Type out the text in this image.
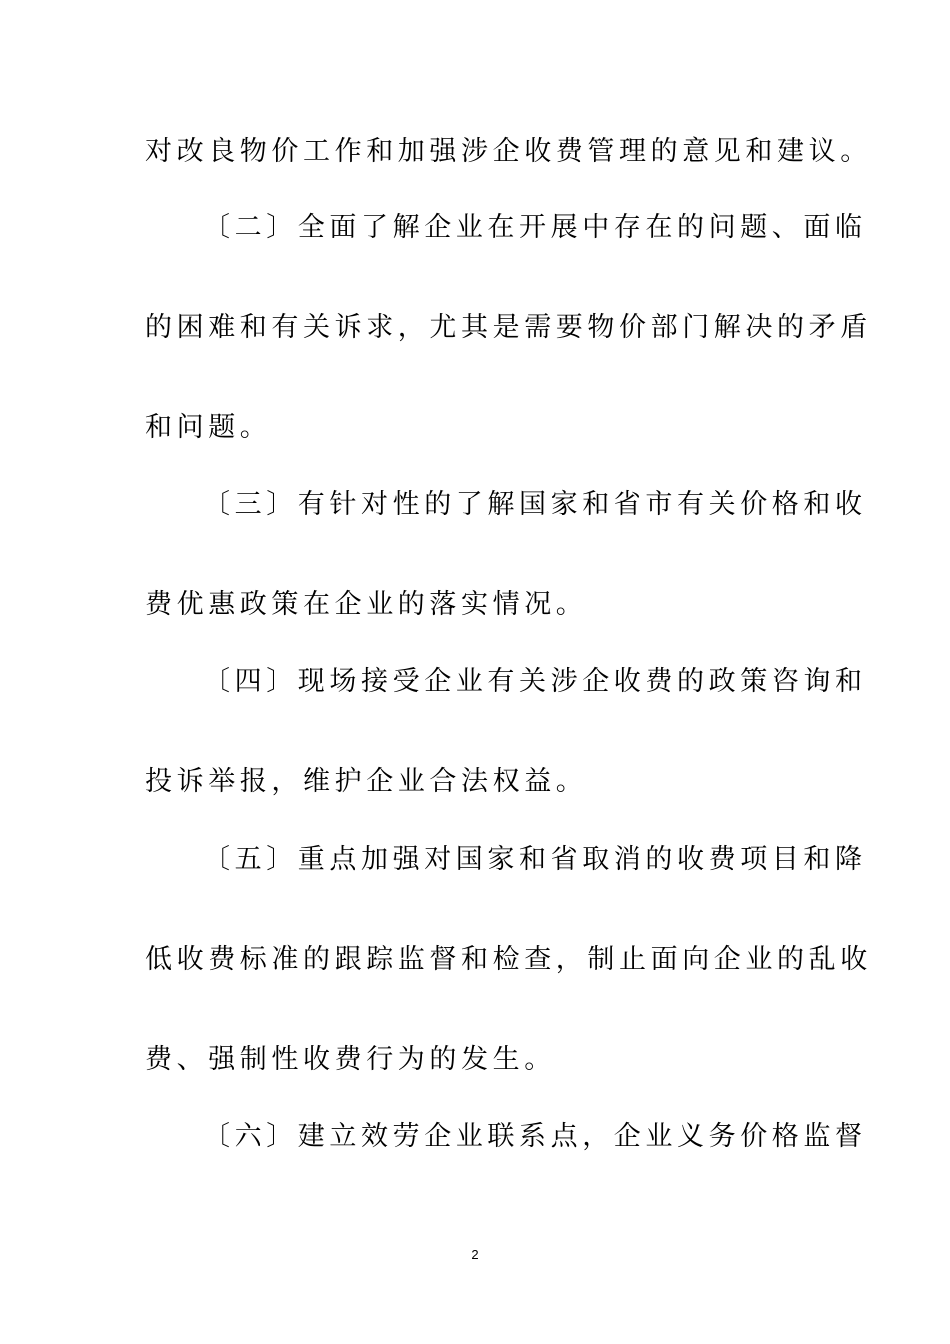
对改良物价工作和加强涉企收费管理的意见和建议。
〔二〕全面了解企业在开展中存在的问题、面临
的困难和有关诉求，尤其是需要物价部门解决的矛盾
和问题。
〔三〕有针对性的了解国家和省市有关价格和收
费优惠政策在企业的落实情况。
〔四〕现场接受企业有关涉企收费的政策咨询和
投诉举报，维护企业合法权益。
〔五〕重点加强对国家和省取消的收费项目和降
低收费标准的跟踪监督和检查，制止面向企业的乱收
费、强制性收费行为的发生。
〔六〕建立效劳企业联系点，企业义务价格监督
2
